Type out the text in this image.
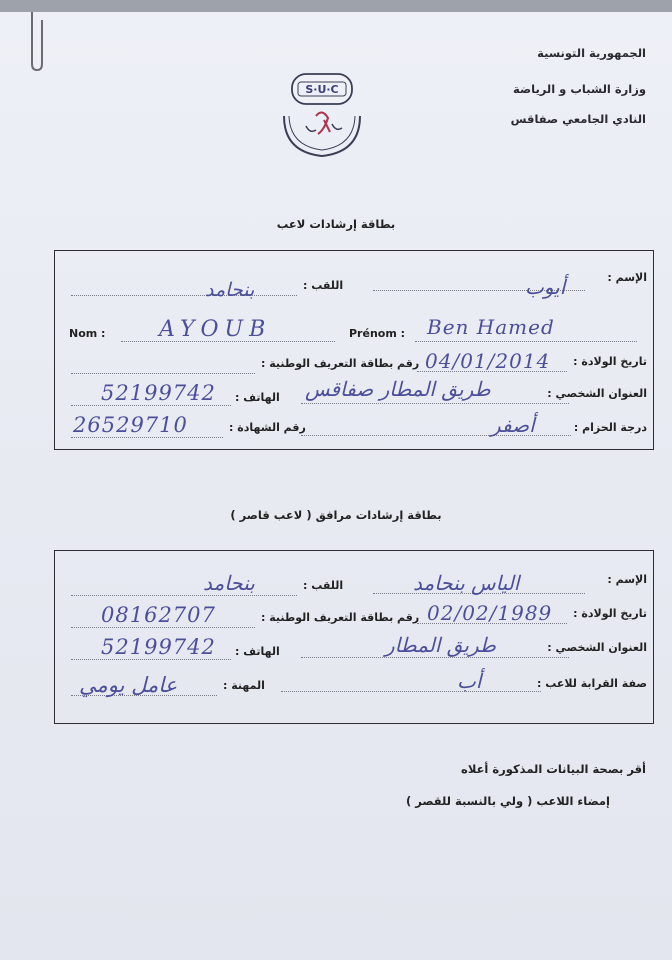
الجمهورية التونسية
وزارة الشباب و الرياضة
النادي الجامعي صفاقس
S·U·C
بطاقة إرشادات لاعب
الإسم :
أيوب
اللقب :
بنحامد
Nom : AYOUB	Prénom : Ben Hamed
تاريخ الولادة :
04/01/2014
رقم بطاقة التعريف الوطنية :
العنوان الشخصي :
طريق المطار صفاقس
الهاتف :
52199742
درجة الحزام :
أصفر
رقم الشهادة :
26529710
بطاقة إرشادات مرافق ( لاعب قاصر )
الإسم :
الياس بنحامد
اللقب :
بنحامد
تاريخ الولادة :
02/02/1989
رقم بطاقة التعريف الوطنية :
08162707
العنوان الشخصي :
طريق المطار
الهاتف :
52199742
صفة القرابة للاعب :
أب
المهنة :
عامل يومي
أقر بصحة البيانات المذكورة أعلاه
إمضاء اللاعب ( ولي بالنسبة للقصر )
